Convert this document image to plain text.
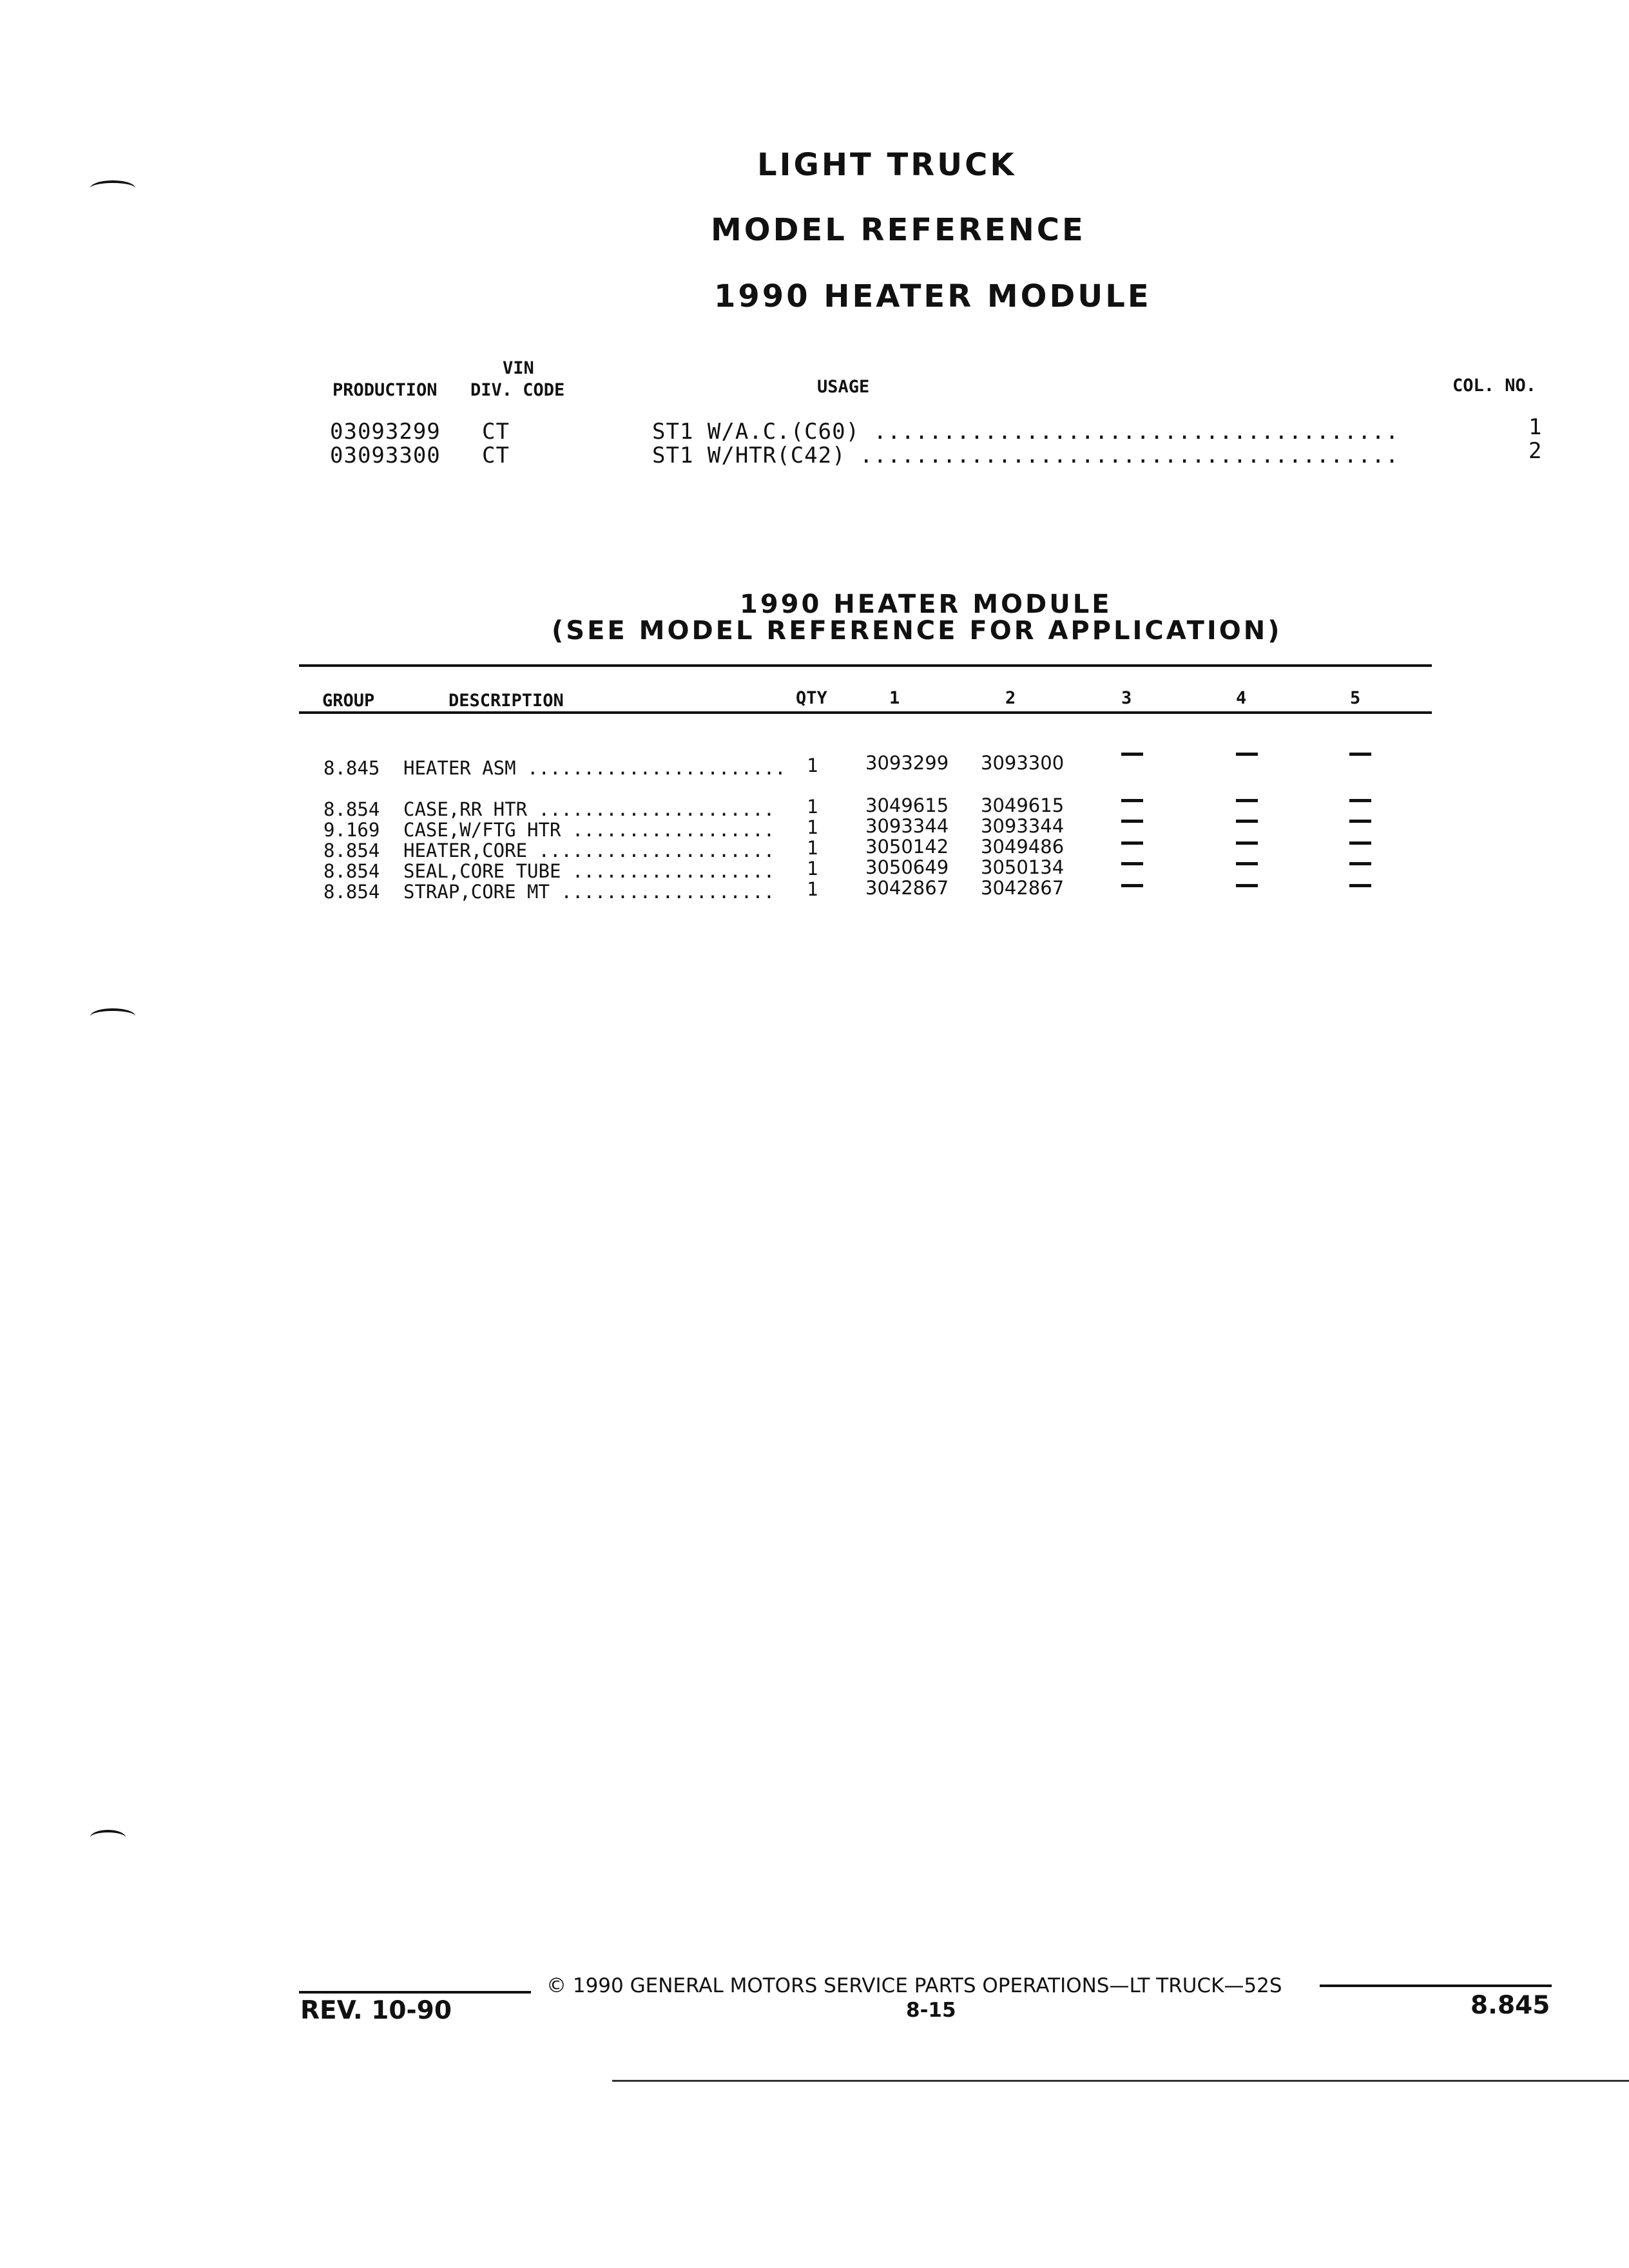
LIGHT TRUCK
MODEL REFERENCE
1990 HEATER MODULE
VIN
PRODUCTION DIV. CODE	USAGE	COL. NO.
03093299 CT	ST1 W/A.C.(C60) ......................................	1
03093300 CT	ST1 W/HTR(C42) .......................................	2
1990 HEATER MODULE
(SEE MODEL REFERENCE FOR APPLICATION)
GROUP	DESCRIPTION	QTY	1	2	3	4	5
8.845 HEATER ASM ....................... 1	3093299 3093300
8.854 CASE,RR HTR ..................... 1	3049615 3049615
9.169 CASE,W/FTG HTR .................. 1	3093344 3093344
8.854 HEATER,CORE ..................... 1	3050142 3049486
8.854 SEAL,CORE TUBE .................. 1	3050649 3050134
8.854 STRAP,CORE MT ................... 1	3042867 3042867
© 1990 GENERAL MOTORS SERVICE PARTS OPERATIONS—LT TRUCK—52S
REV. 10-90	8-15	8.845
